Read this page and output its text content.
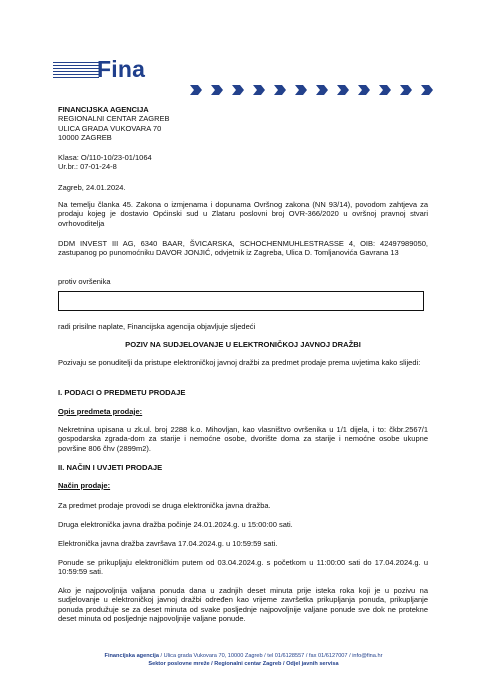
Fina
FINANCIJSKA AGENCIJA
REGIONALNI CENTAR ZAGREB
ULICA GRADA VUKOVARA 70
10000 ZAGREB
Klasa: O/110-10/23-01/1064
Ur.br.: 07-01-24-8
Zagreb, 24.01.2024.
Na temelju članka 45. Zakona o izmjenama i dopunama Ovršnog zakona (NN 93/14), povodom zahtjeva za prodaju kojeg je dostavio Općinski sud u Zlataru poslovni broj OVR-366/2020 u ovršnoj pravnoj stvari ovrhovoditelja
DDM INVEST III AG, 6340 BAAR, ŠVICARSKA, SCHOCHENMUHLESTRASSE 4, OIB: 42497989050, zastupanog po punomoćniku DAVOR JONJIĆ, odvjetnik iz Zagreba, Ulica D. Tomljanovića Gavrana 13
protiv ovršenika
radi prisilne naplate, Financijska agencija objavljuje sljedeći
POZIV NA SUDJELOVANJE U ELEKTRONIČKOJ JAVNOJ DRAŽBI
Pozivaju se ponuditelji da pristupe elektroničkoj javnoj dražbi za predmet prodaje prema uvjetima kako slijedi:
I. PODACI O PREDMETU PRODAJE
Opis predmeta prodaje:
Nekretnina upisana u zk.ul. broj 2288 k.o. Mihovljan, kao vlasništvo ovršenika u 1/1 dijela, i to: čkbr.2567/1 gospodarska zgrada-dom za starije i nemoćne osobe, dvorište doma za starije i nemoćne osobe ukupne površine 806 čhv (2899m2).
II. NAČIN I UVJETI PRODAJE
Način prodaje:
Za predmet prodaje provodi se druga elektronička javna dražba.
Druga elektronička javna dražba počinje 24.01.2024.g. u 15:00:00 sati.
Elektronička javna dražba završava 17.04.2024.g. u 10:59:59 sati.
Ponude se prikupljaju elektroničkim putem od 03.04.2024.g. s početkom u 11:00:00 sati do 17.04.2024.g. u 10:59:59 sati.
Ako je najpovoljnija valjana ponuda dana u zadnjih deset minuta prije isteka roka koji je u pozivu na sudjelovanje u elektroničkoj javnoj dražbi određen kao vrijeme završetka prikupljanja ponuda, prikupljanje ponuda produžuje se za deset minuta od svake posljednje najpovoljnije valjane ponude sve dok ne protekne deset minuta od posljednje najpovoljnije valjane ponude.
Financijska agencija / Ulica grada Vukovara 70, 10000 Zagreb / tel 01/6128557 / fax 01/6127007 / info@fina.hr
Sektor poslovne mreže / Regionalni centar Zagreb / Odjel javnih servisa
